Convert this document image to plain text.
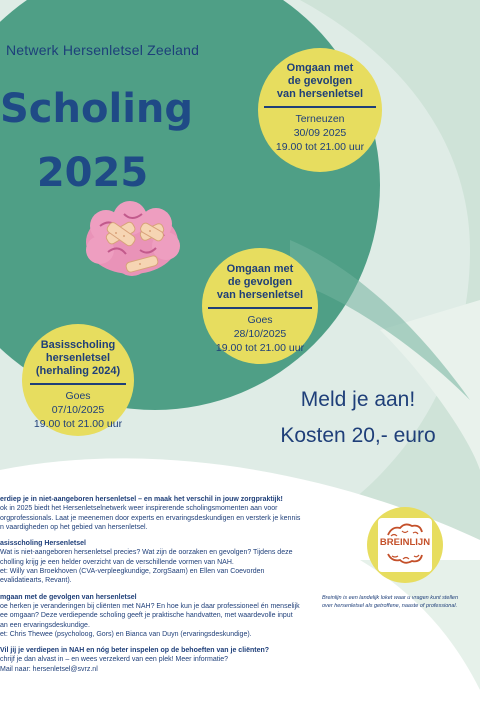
Netwerk Hersenletsel Zeeland
Scholing
2025
Omgaan met
de gevolgen
van hersenletsel
Terneuzen
30/09 2025
19.00 tot 21.00 uur
Omgaan met
de gevolgen
van hersenletsel
Goes
28/10/2025
19.00 tot 21.00 uur
Basisscholing
hersenletsel
(herhaling 2024)
Goes
07/10/2025
19.00 tot 21.00 uur
Meld je aan!
Kosten 20,- euro
erdiep je in niet-aangeboren hersenletsel – en maak het verschil in jouw zorgpraktijk!
ok in 2025 biedt het Hersenletselnetwerk weer inspirerende scholingsmomenten aan voor
orgprofessionals. Laat je meenemen door experts en ervaringsdeskundigen en versterk je kennis
n vaardigheden op het gebied van hersenletsel.
asisscholing Hersenletsel
Wat is niet-aangeboren hersenletsel precies? Wat zijn de oorzaken en gevolgen? Tijdens deze
cholling krijg je een helder overzicht van de verschillende vormen van NAH.
et: Willy van Broekhoven (CVA-verpleegkundige, ZorgSaam) en Ellen van Coevorden
evalidatiearts, Revant).
mgaan met de gevolgen van hersenletsel
oe herken je veranderingen bij cliënten met NAH? En hoe kun je daar professioneel én menselijk
ee omgaan? Deze verdiepende scholing geeft je praktische handvatten, met waardevolle input
an een ervaringsdeskundige.
et: Chris Thewee (psycholoog, Gors) en Bianca van Duyn (ervaringsdeskundige).
Vil jij je verdiepen in NAH en nóg beter inspelen op de behoeften van je cliënten?
chrijf je dan alvast in – en wees verzekerd van een plek! Meer informatie?
Mail naar: hersenletsel@svrz.nl
BREINLIJN
Breinlijn is een landelijk loket waar u vragen kunt stellen
over hersenletsel als getroffene, naaste of professional.
